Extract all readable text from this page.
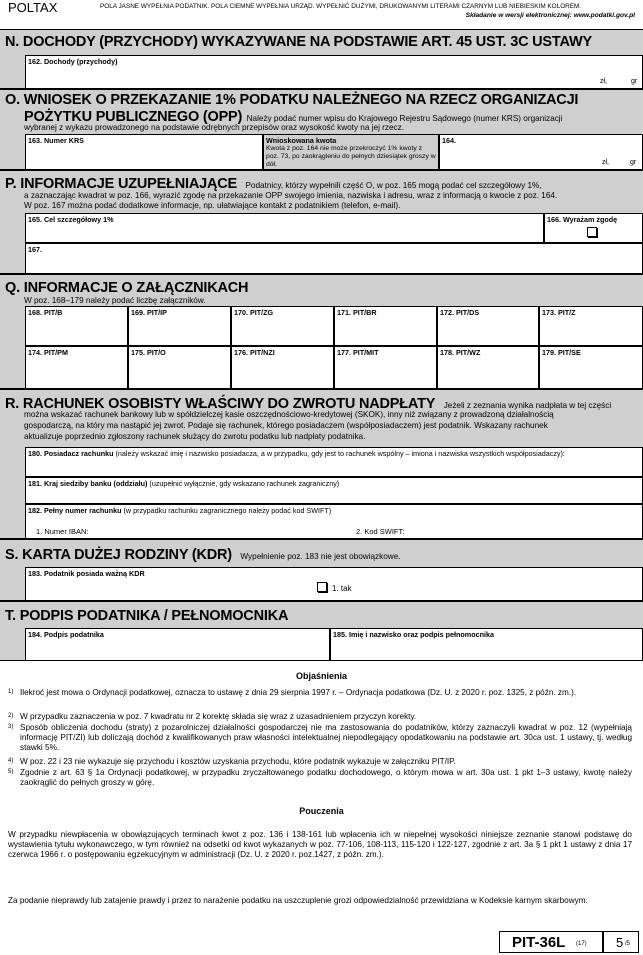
POLTAX	POLA JASNE WYPEŁNIA PODATNIK. POLA CIEMNE WYPEŁNIA URZĄD. WYPEŁNIĆ DUŻYMI, DRUKOWANYMI LITERAMI CZARNYM LUB NIEBIESKIM KOLOREM.
Składanie w wersji elektronicznej: www.podatki.gov.pl
N. DOCHODY (PRZYCHODY) WYKAZYWANE NA PODSTAWIE ART. 45 UST. 3C USTAWY
162. Dochody (przychody)
zł,	gr
O. WNIOSEK O PRZEKAZANIE 1% PODATKU NALEŻNEGO NA RZECZ ORGANIZACJI
POŻYTKU PUBLICZNEGO (OPP) Należy podać numer wpisu do Krajowego Rejestru Sądowego (numer KRS) organizacji
wybranej z wykazu prowadzonego na podstawie odrębnych przepisów oraz wysokość kwoty na jej rzecz.
163. Numer KRS	Wnioskowana kwota
Kwota z poz. 164 nie może przekroczyć 1% kwoty z poz. 73, po zaokrągleniu do pełnych dziesiątek groszy w dół.
164.
zł,	gr
P. INFORMACJE UZUPEŁNIAJĄCE Podatnicy, którzy wypełnili część O, w poz. 165 mogą podać cel szczegółowy 1%,
a zaznaczając kwadrat w poz. 166, wyrazić zgodę na przekazanie OPP swojego imienia, nazwiska i adresu, wraz z informacją o kwocie z poz. 164.
W poz. 167 można podać dodatkowe informacje, np. ułatwiające kontakt z podatnikiem (telefon, e-mail).
165. Cel szczegółowy 1%	166. Wyrażam zgodę
167.
Q. INFORMACJE O ZAŁĄCZNIKACH
W poz. 168–179 należy podać liczbę załączników.
168. PIT/B	169. PIT/IP	170. PIT/ZG	171. PIT/BR	172. PIT/DS	173. PIT/Z
174. PIT/PM	175. PIT/O	176. PIT/NZI	177. PIT/MIT	178. PIT/WZ	179. PIT/SE
R. RACHUNEK OSOBISTY WŁAŚCIWY DO ZWROTU NADPŁATY Jeżeli z zeznania wynika nadpłata w tej części
można wskazać rachunek bankowy lub w spółdzielczej kasie oszczędnościowo-kredytowej (SKOK), inny niż związany z prowadzoną działalnością
gospodarczą, na który ma nastąpić jej zwrot. Podaje się rachunek, którego posiadaczem (współposiadaczem) jest podatnik. Wskazany rachunek
aktualizuje poprzednio zgłoszony rachunek służący do zwrotu podatku lub nadpłaty podatnika.
180. Posiadacz rachunku (należy wskazać imię i nazwisko posiadacza, a w przypadku, gdy jest to rachunek wspólny – imiona i nazwiska wszystkich współposiadaczy):
181. Kraj siedziby banku (oddziału) (uzupełnić wyłącznie, gdy wskazano rachunek zagraniczny)
182. Pełny numer rachunku (w przypadku rachunku zagranicznego należy podać kod SWIFT)
1. Numer IBAN:	2. Kod SWIFT:
S. KARTA DUŻEJ RODZINY (KDR) Wypełnienie poz. 183 nie jest obowiązkowe.
183. Podatnik posiada ważną KDR
1. tak
T. PODPIS PODATNIKA / PEŁNOMOCNIKA
184. Podpis podatnika	185. Imię i nazwisko oraz podpis pełnomocnika
Objaśnienia
1) Ilekroć jest mowa o Ordynacji podatkowej, oznacza to ustawę z dnia 29 sierpnia 1997 r. – Ordynacja podatkowa (Dz. U. z 2020 r. poz. 1325, z późn. zm.).
2) W przypadku zaznaczenia w poz. 7 kwadratu nr 2 korektę składa się wraz z uzasadnieniem przyczyn korekty.
3) Sposób obliczenia dochodu (straty) z pozarolniczej działalności gospodarczej nie ma zastosowania do podatników, którzy zaznaczyli kwadrat w poz. 12 (wypełniają informację PIT/ZI) lub doliczają dochód z kwalifikowanych praw własności intelektualnej niepodlegający opodatkowaniu na podstawie art. 30ca ust. 1 ustawy, tj. według stawki 5%.
4) W poz. 22 i 23 nie wykazuje się przychodu i kosztów uzyskania przychodu, które podatnik wykazuje w załączniku PIT/IP.
5) Zgodnie z art. 63 § 1a Ordynacji podatkowej, w przypadku zryczałtowanego podatku dochodowego, o którym mowa w art. 30a ust. 1 pkt 1–3 ustawy, kwotę należy zaokrąglić do pełnych groszy w górę.
Pouczenia
W przypadku niewpłacenia w obowiązujących terminach kwot z poz. 136 i 138-161 lub wpłacenia ich w niepełnej wysokości niniejsze zeznanie stanowi podstawę do wystawienia tytułu wykonawczego, w tym również na odsetki od kwot wykazanych w poz. 77-106, 108-113, 115-120 i 122-127, zgodnie z art. 3a § 1 pkt 1 ustawy z dnia 17 czerwca 1966 r. o postępowaniu egzekucyjnym w administracji (Dz. U. z 2020 r. poz.1427, z późn. zm.).
Za podanie nieprawdy lub zatajenie prawdy i przez to narażenie podatku na uszczuplenie grozi odpowiedzialność przewidziana w Kodeksie karnym skarbowym.
PIT-36L (17) 5 /5
